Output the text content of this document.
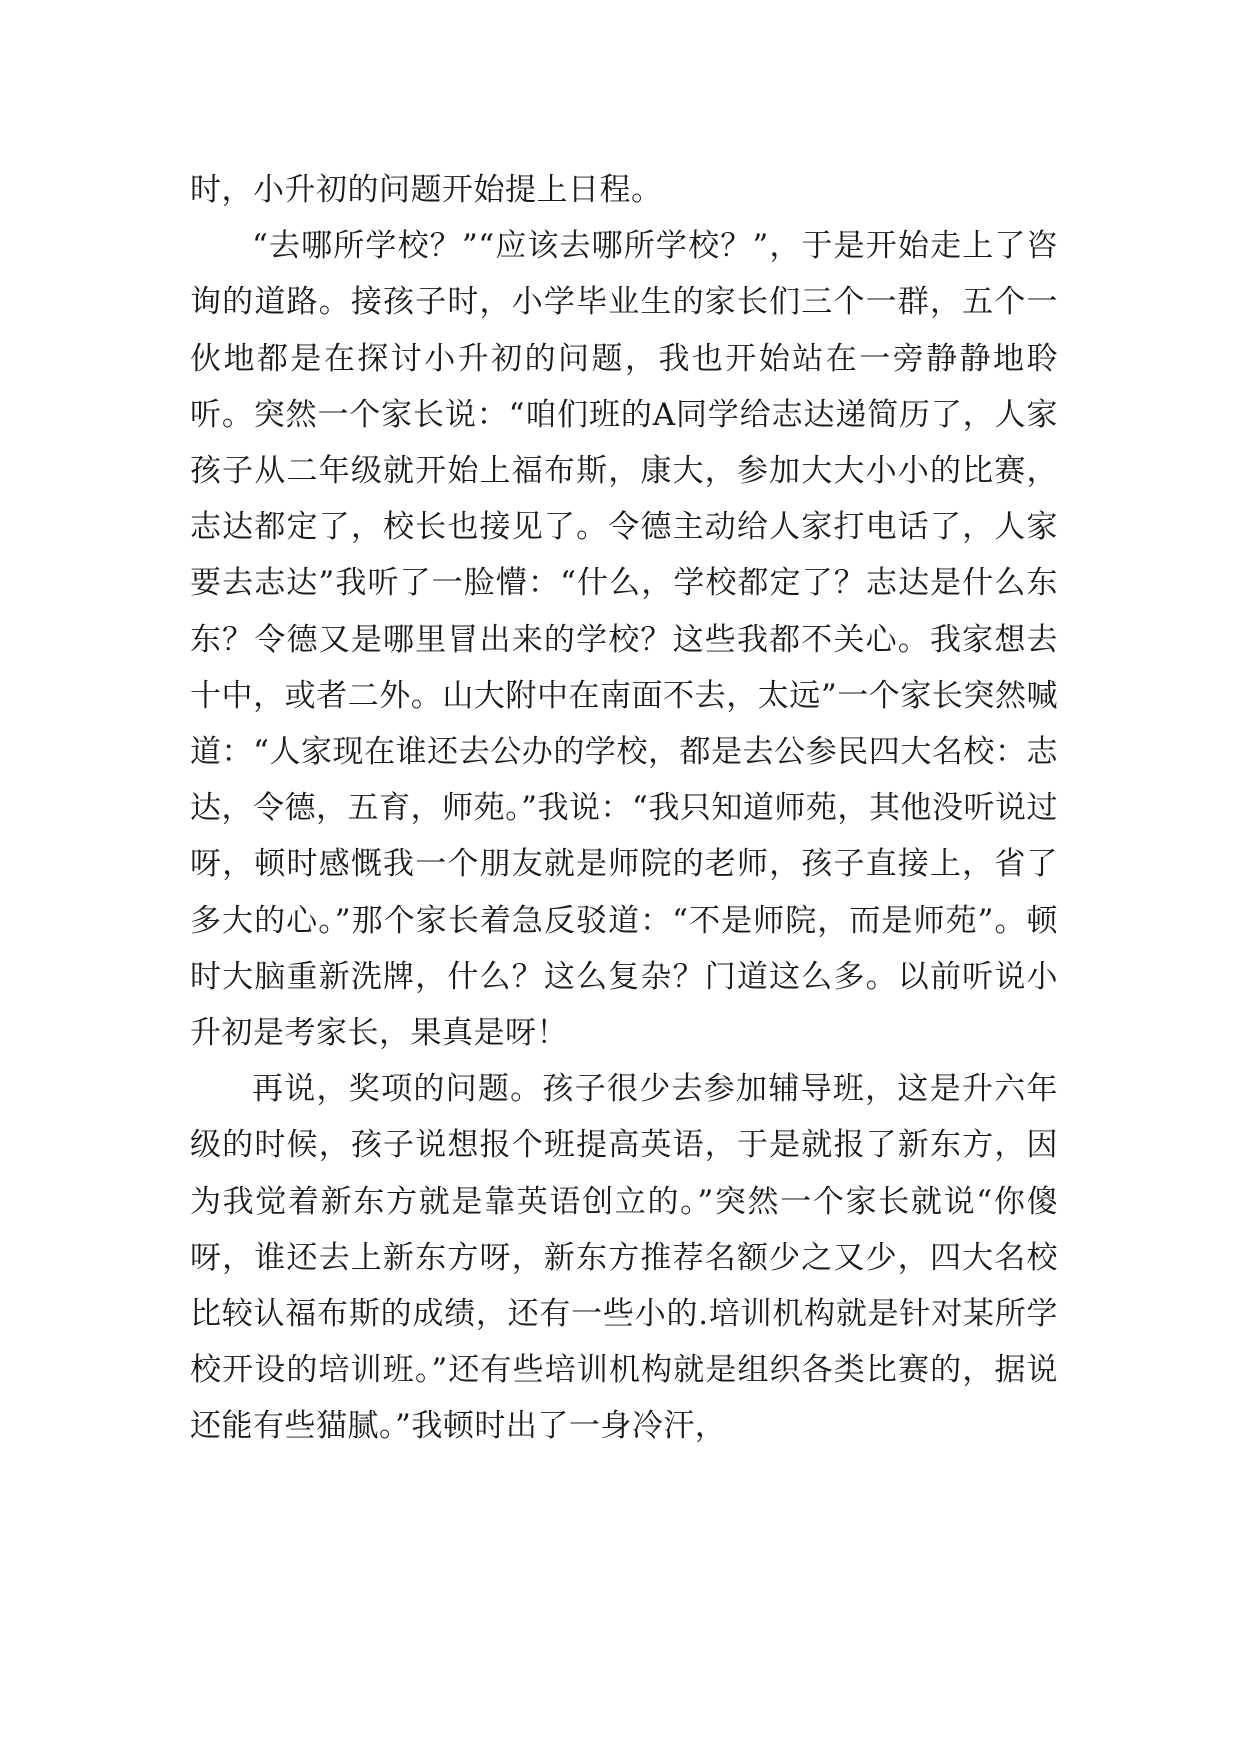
时，小升初的问题开始提上日程。

“去哪所学校？”“应该去哪所学校？”，于是开始走上了咨询的道路。接孩子时，小学毕业生的家长们三个一群，五个一伙地都是在探讨小升初的问题，我也开始站在一旁静静地聆听。突然一个家长说：“咱们班的A同学给志达递简历了，人家孩子从二年级就开始上福布斯，康大，参加大大小小的比赛，志达都定了，校长也接见了。令德主动给人家打电话了，人家要去志达”我听了一脸懵：“什么，学校都定了？志达是什么东东？令德又是哪里冒出来的学校？这些我都不关心。我家想去十中，或者二外。山大附中在南面不去，太远”一个家长突然喊道：“人家现在谁还去公办的学校，都是去公参民四大名校：志达，令德，五育，师苑。”我说：“我只知道师苑，其他没听说过呀，顿时感慨我一个朋友就是师院的老师，孩子直接上，省了多大的心。”那个家长着急反驳道：“不是师院，而是师苑”。顿时大脑重新洗牌，什么？这么复杂？门道这么多。以前听说小升初是考家长，果真是呀！

再说，奖项的问题。孩子很少去参加辅导班，这是升六年级的时候，孩子说想报个班提高英语，于是就报了新东方，因为我觉着新东方就是靠英语创立的。”突然一个家长就说“你傻呀，谁还去上新东方呀，新东方推荐名额少之又少，四大名校比较认福布斯的成绩，还有一些小的.培训机构就是针对某所学校开设的培训班。”还有些培训机构就是组织各类比赛的，据说还能有些猫腻。”我顿时出了一身冷汗，
